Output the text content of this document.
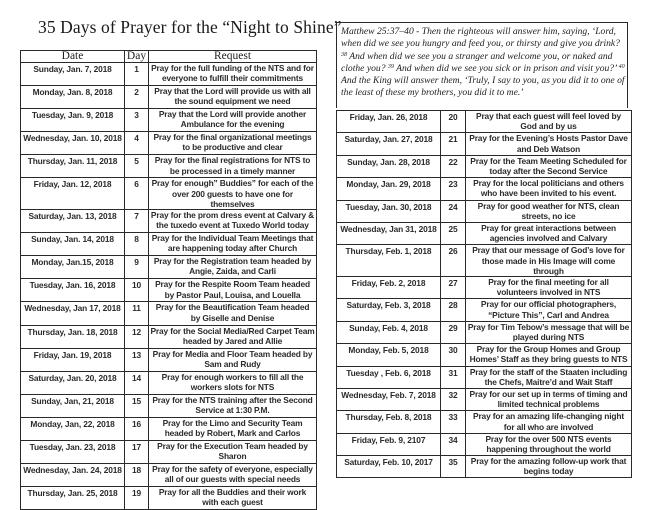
35 Days of Prayer for the “Night to Shine”
Date	Day	Request
Sunday, Jan. 7, 2018	1	Pray for the full funding of the NTS and for everyone to fulfill their commitments
Monday, Jan. 8, 2018	2	Pray that the Lord will provide us with all the sound equipment we need
Tuesday, Jan. 9, 2018	3	Pray that the Lord will provide another Ambulance for the evening
Wednesday, Jan. 10, 2018	4	Pray for the final organizational meetings to be productive and clear
Thursday, Jan. 11, 2018	5	Pray for the final registrations for NTS to be processed in a timely manner
Friday, Jan. 12, 2018	6	Pray for enough” Buddies” for each of the over 200 guests to have one for themselves
Saturday, Jan. 13, 2018	7	Pray for the prom dress event at Calvary & the tuxedo event at Tuxedo World today
Sunday, Jan. 14, 2018	8	Pray for the Individual Team Meetings that are happening today after Church
Monday, Jan.15, 2018	9	Pray for the Registration team headed by Angie, Zaida, and Carli
Tuesday, Jan. 16, 2018	10	Pray for the Respite Room Team headed by Pastor Paul, Louisa, and Louella
Wednesday, Jan 17, 2018	11	Pray for the Beautification Team headed by Giselle and Denise
Thursday, Jan. 18, 2018	12	Pray for the Social Media/Red Carpet Team headed by Jared and Allie
Friday, Jan. 19, 2018	13	Pray for Media and Floor Team headed by Sam and Rudy
Saturday, Jan. 20, 2018	14	Pray for enough workers to fill all the workers slots for NTS
Sunday, Jan, 21, 2018	15	Pray for the NTS training after the Second Service at 1:30 P.M.
Monday, Jan, 22, 2018	16	Pray for the Limo and Security Team headed by Robert, Mark and Carlos
Tuesday, Jan. 23, 2018	17	Pray for the Execution Team headed by Sharon
Wednesday, Jan. 24, 2018	18	Pray for the safety of everyone, especially all of our guests with special needs
Thursday, Jan. 25, 2018	19	Pray for all the Buddies and their work with each guest
Matthew 25:37–40 - Then the righteous will answer him, saying, ‘Lord, when did we see you hungry and feed you, or thirsty and give you drink? $^{38}$ And when did we see you a stranger and welcome you, or naked and clothe you? $^{39}$ And when did we see you sick or in prison and visit you?’ $^{40}$ And the King will answer them, ‘Truly, I say to you, as you did it to one of the least of these my brothers, you did it to me.’
Friday, Jan. 26, 2018	20	Pray that each guest will feel loved by God and by us
Saturday, Jan. 27, 2018	21	Pray for the Evening’s Hosts Pastor Dave and Deb Watson
Sunday, Jan. 28, 2018	22	Pray for the Team Meeting Scheduled for today after the Second Service
Monday, Jan. 29, 2018	23	Pray for the local politicians and others who have been invited to his event.
Tuesday, Jan. 30, 2018	24	Pray for good weather for NTS, clean streets, no ice
Wednesday, Jan 31, 2018	25	Pray for great interactions between agencies involved and Calvary
Thursday, Feb. 1, 2018	26	Pray that our message of God’s love for those made in His Image will come through
Friday, Feb. 2, 2018	27	Pray for the final meeting for all volunteers involved in NTS
Saturday, Feb. 3, 2018	28	Pray for our official photographers, “Picture This”, Carl and Andrea
Sunday, Feb. 4, 2018	29	Pray for Tim Tebow’s message that will be played during NTS
Monday, Feb. 5, 2018	30	Pray for the Group Homes and Group Homes’ Staff as they bring guests to NTS
Tuesday , Feb. 6, 2018	31	Pray for the staff of the Staaten including the Chefs, Maitre’d and Wait Staff
Wednesday, Feb. 7, 2018	32	Pray for our set up in terms of timing and limited technical problems
Thursday, Feb. 8, 2018	33	Pray for an amazing life-changing night for all who are involved
Friday, Feb. 9, 2107	34	Pray for the over 500 NTS events happening throughout the world
Saturday, Feb. 10, 2017	35	Pray for the amazing follow-up work that begins today
